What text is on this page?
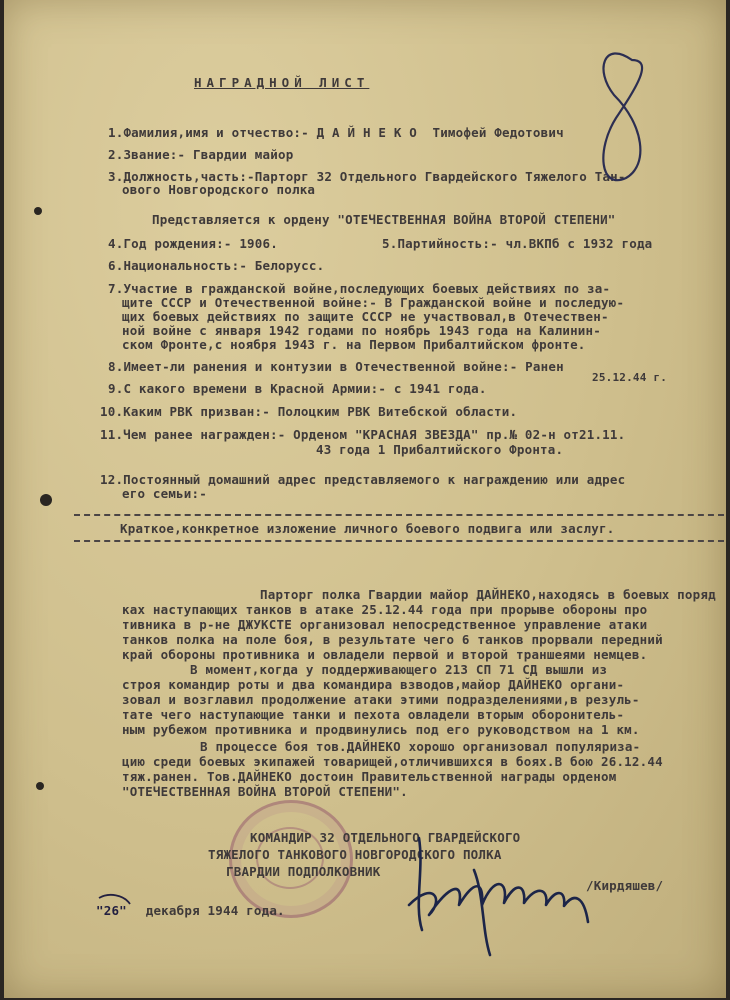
НАГРАДНОЙ ЛИСТ
1.Фамилия,имя и отчество:- Д А Й Н Е К О  Тимофей Федотович
2.Звание:- Гвардии майор
3.Должность,часть:-Парторг 32 Отдельного Гвардейского Тяжелого Тан-
ового Новгородского полка
Представляется к ордену "ОТЕЧЕСТВЕННАЯ ВОЙНА ВТОРОЙ СТЕПЕНИ"
4.Год рождения:- 1906.	5.Партийность:- чл.ВКПб с 1932 года
6.Национальность:- Белорусс.
7.Участие в гражданской войне,последующих боевых действиях по за-
щите СССР и Отечественной войне:- В Гражданской войне и последую-
щих боевых действиях по защите СССР не участвовал,в Отечествен-
ной войне с января 1942 годами по ноябрь 1943 года на Калинин-
ском Фронте,с ноября 1943 г. на Первом Прибалтийском фронте.
8.Имеет-ли ранения и контузии в Отечественной войне:- Ранен
25.12.44 г.
9.С какого времени в Красной Армии:- с 1941 года.
10.Каким РВК призван:- Полоцким РВК Витебской области.
11.Чем ранее награжден:- Орденом "КРАСНАЯ ЗВЕЗДА" пр.№ 02-н от21.11.
43 года 1 Прибалтийского Фронта.
12.Постоянный домашний адрес представляемого к награждению или адрес
его семьи:-
Краткое,конкретное изложение личного боевого подвига или заслуг.
Парторг полка Гвардии майор ДАЙНЕКО,находясь в боевых поряд
ках наступающих танков в атаке 25.12.44 года при прорыве обороны про
тивника в р-не ДЖУКСТЕ организовал непосредственное управление атаки
танков полка на поле боя, в результате чего 6 танков прорвали передний
край обороны противника и овладели первой и второй траншеями немцев.
В момент,когда у поддерживающего 213 СП 71 СД вышли из
строя командир роты и два командира взводов,майор ДАЙНЕКО органи-
зовал и возглавил продолжение атаки этими подразделениями,в резуль-
тате чего наступающие танки и пехота овладели вторым оборонитель-
ным рубежом противника и продвинулись под его руководством на 1 км.
В процессе боя тов.ДАЙНЕКО хорошо организовал популяриза-
цию среди боевых экипажей товарищей,отличившихся в боях.В бою 26.12.44
тяж.ранен. Тов.ДАЙНЕКО достоин Правительственной награды орденом
"ОТЕЧЕСТВЕННАЯ ВОЙНА ВТОРОЙ СТЕПЕНИ".
КОМАНДИР 32 ОТДЕЛЬНОГО ГВАРДЕЙСКОГО
ТЯЖЕЛОГО ТАНКОВОГО НОВГОРОДСКОГО ПОЛКА
ГВАРДИИ ПОДПОЛКОВНИК
/Кирдяшев/
"26" декабря 1944 года.
